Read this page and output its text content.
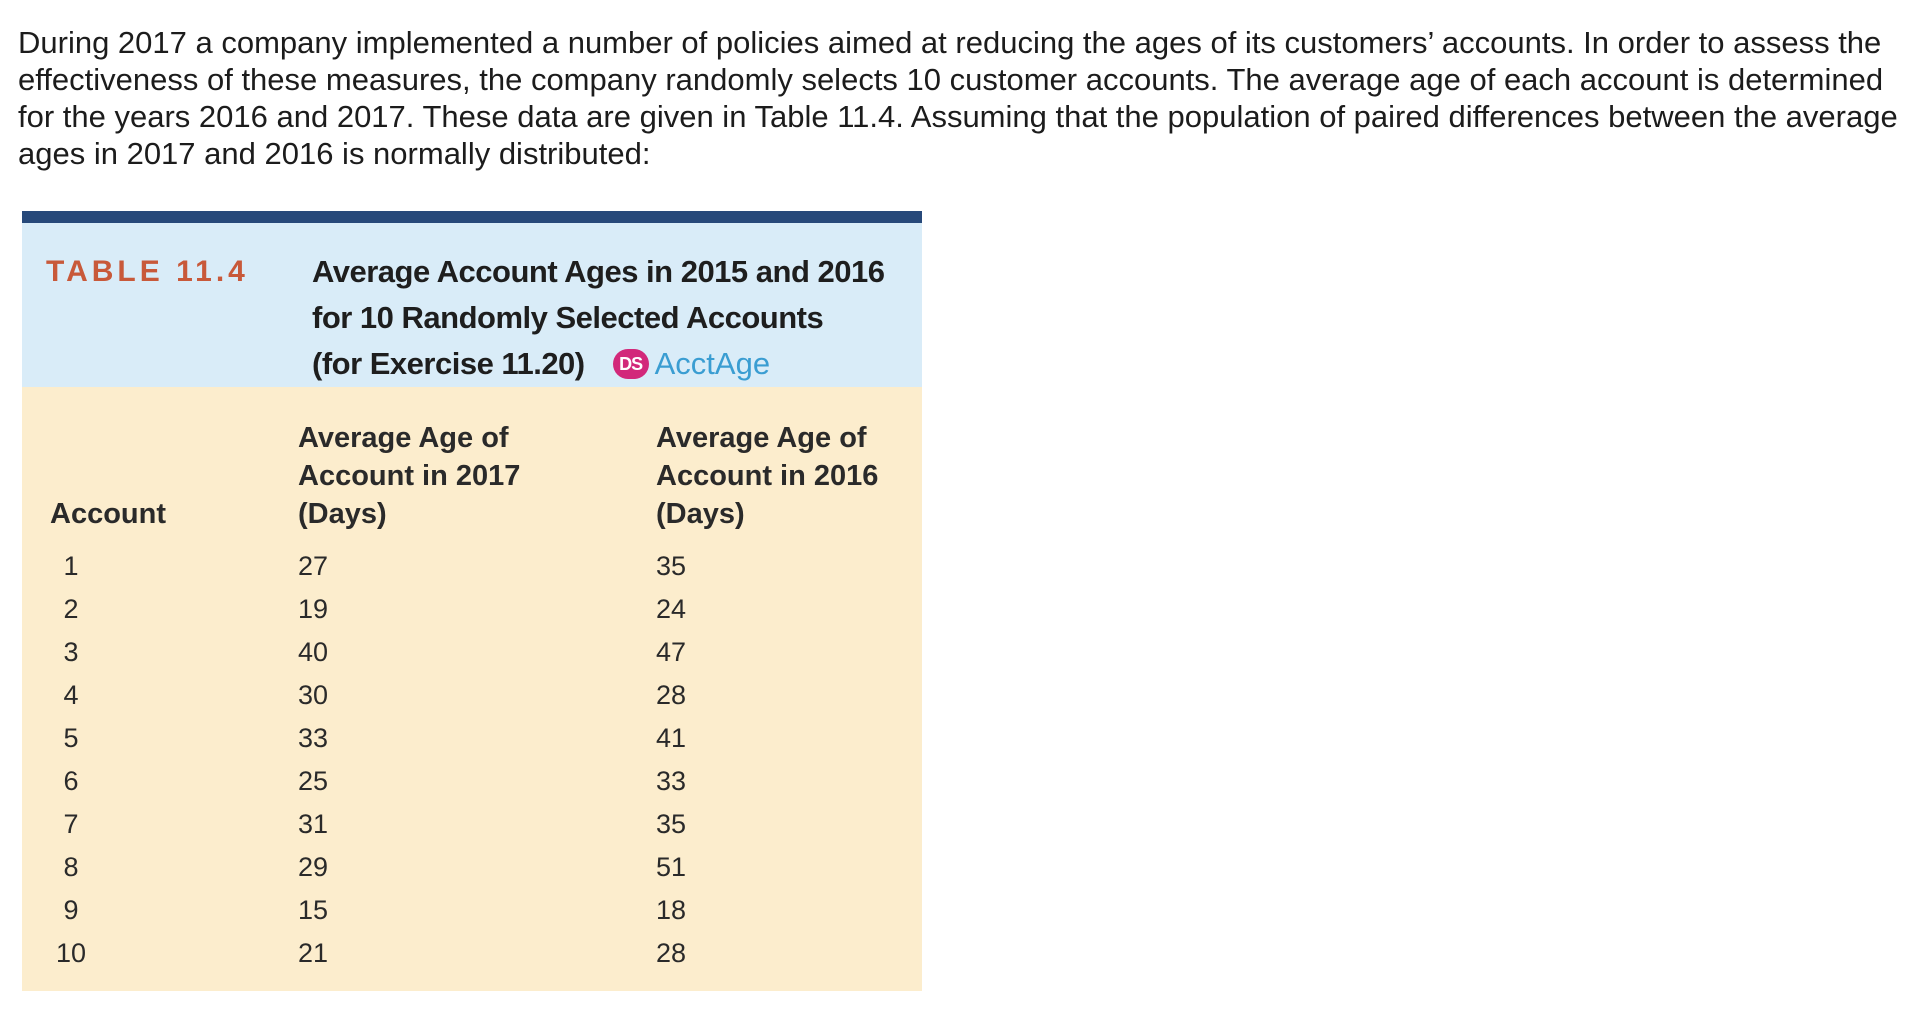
During 2017 a company implemented a number of policies aimed at reducing the ages of its customers’ accounts. In order to assess the effectiveness of these measures, the company randomly selects 10 customer accounts. The average age of each account is determined for the years 2016 and 2017. These data are given in Table 11.4. Assuming that the population of paired differences between the average ages in 2017 and 2016 is normally distributed:

TABLE 11.4 Average Account Ages in 2015 and 2016
for 10 Randomly Selected Accounts
(for Exercise 11.20) DS AcctAge

Account
Average Age of
Account in 2017
(Days)
Average Age of
Account in 2016
(Days)
1	27	35
2	19	24
3	40	47
4	30	28
5	33	41
6	25	33
7	31	35
8	29	51
9	15	18
10	21	28
